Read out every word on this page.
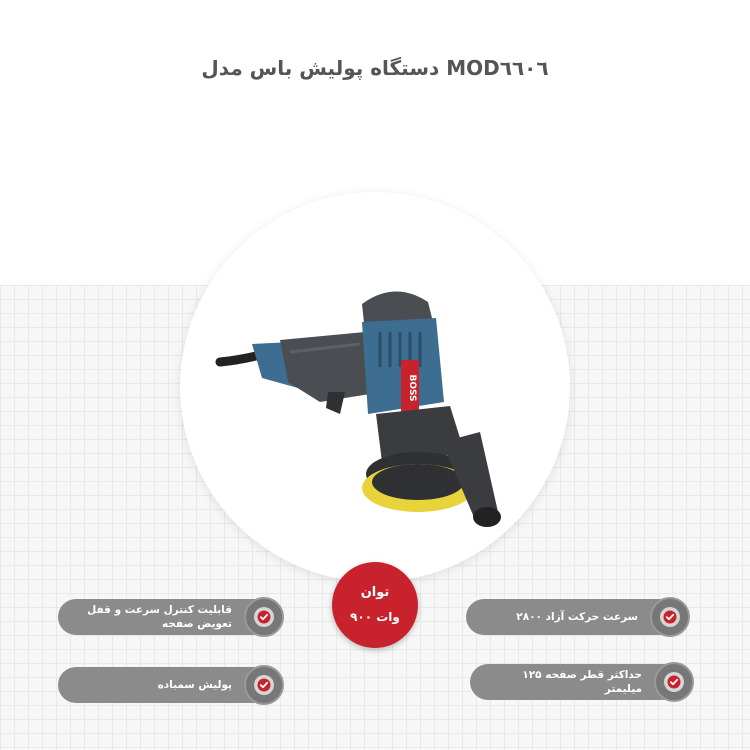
دستگاه پولیش باس مدل MOD٦٦٠٦
BOSS
توان
۹۰۰ وات	سرعت حرکت آزاد ۲۸۰۰
حداکثر قطر صفحه ۱۲۵ میلیمتر
قابلیت کنترل سرعت و قفل تعویض صفحه
پولیش سمباده
